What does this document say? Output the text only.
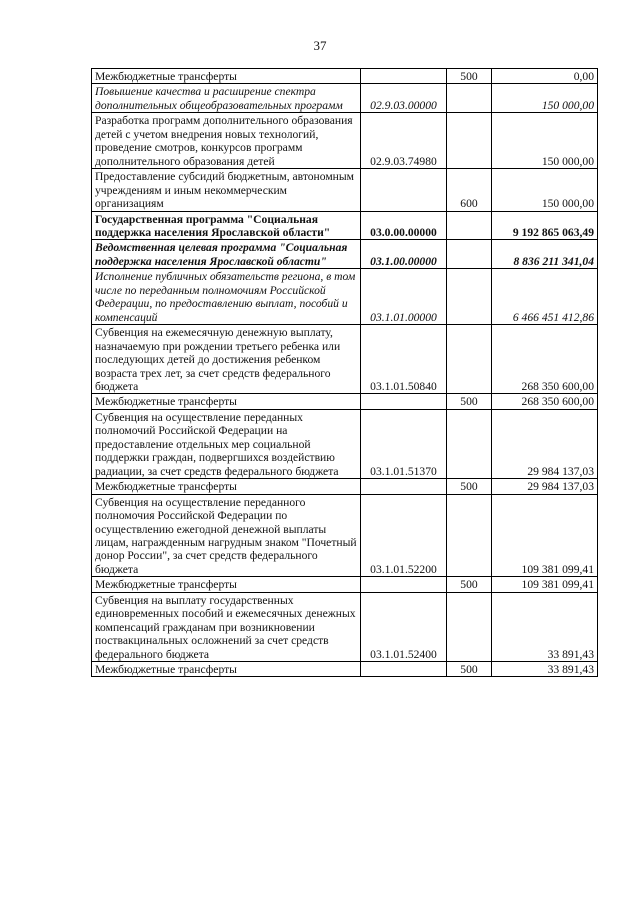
37
Межбюджетные трансферты		500	0,00
Повышение качества и расширение спектра дополнительных общеобразовательных программ	02.9.03.00000		150 000,00
Разработка программ дополнительного образования детей с учетом внедрения новых технологий, проведение смотров, конкурсов программ дополнительного образования детей	02.9.03.74980		150 000,00
Предоставление субсидий бюджетным, автономным учреждениям и иным некоммерческим организациям		600	150 000,00
Государственная программа "Социальная поддержка населения Ярославской области"	03.0.00.00000		9 192 865 063,49
Ведомственная целевая программа "Социальная поддержка населения Ярославской области"	03.1.00.00000		8 836 211 341,04
Исполнение публичных обязательств региона, в том числе по переданным полномочиям Российской Федерации, по предоставлению выплат, пособий и компенсаций	03.1.01.00000		6 466 451 412,86
Субвенция на ежемесячную денежную выплату, назначаемую при рождении третьего ребенка или последующих детей до достижения ребенком возраста трех лет, за счет средств федерального бюджета	03.1.01.50840		268 350 600,00
Межбюджетные трансферты		500	268 350 600,00
Субвенция на осуществление переданных полномочий Российской Федерации на предоставление отдельных мер социальной поддержки граждан, подвергшихся воздействию радиации, за счет средств федерального бюджета	03.1.01.51370		29 984 137,03
Межбюджетные трансферты		500	29 984 137,03
Субвенция на осуществление переданного полномочия Российской Федерации по осуществлению ежегодной денежной выплаты лицам, награжденным нагрудным знаком "Почетный донор России", за счет средств федерального бюджета	03.1.01.52200		109 381 099,41
Межбюджетные трансферты		500	109 381 099,41
Субвенция на выплату государственных единовременных пособий и ежемесячных денежных компенсаций гражданам при возникновении поствакцинальных осложнений за счет средств федерального бюджета	03.1.01.52400		33 891,43
Межбюджетные трансферты		500	33 891,43
